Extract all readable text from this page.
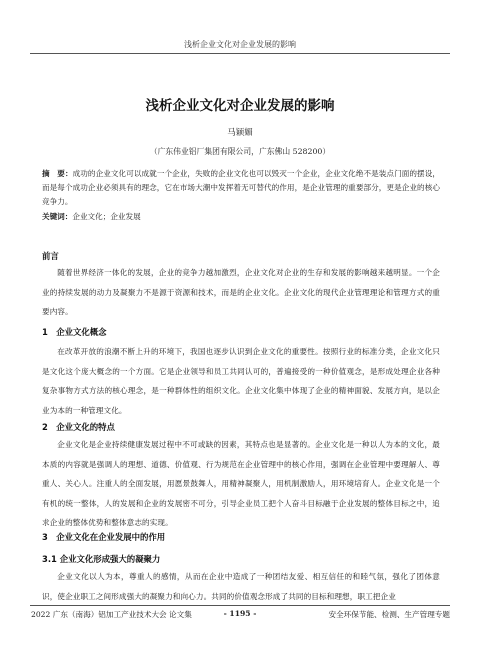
浅析企业文化对企业发展的影响
浅析企业文化对企业发展的影响
马颖媚
（广东伟业铝厂集团有限公司，广东佛山 528200）
摘　要：成功的企业文化可以成就一个企业，失败的企业文化也可以毁灭一个企业，企业文化绝不是装点门面的摆设，而是每个成功企业必须具有的理念，它在市场大潮中发挥着无可替代的作用，是企业管理的重要部分，更是企业的核心竞争力。
关键词：企业文化；企业发展
前言
随着世界经济一体化的发展，企业的竞争力越加激烈，企业文化对企业的生存和发展的影响越来越明显。一个企业的持续发展的动力及凝聚力不是源于资源和技术，而是的企业文化。企业文化的现代企业管理理论和管理方式的重要内容。
1　企业文化概念
在改革开放的浪潮不断上升的环境下，我国也逐步认识到企业文化的重要性。按照行业的标准分类，企业文化只是文化这个庞大概念的一个方面。它是企业领导和员工共同认可的，普遍接受的一种价值观念，是形成处理企业各种复杂事物方式方法的核心理念，是一种群体性的组织文化。企业文化集中体现了企业的精神面貌、发展方向，是以企业为本的一种管理文化。
2　企业文化的特点
企业文化是企业持续健康发展过程中不可或缺的因素，其特点也是显著的。企业文化是一种以人为本的文化，最本质的内容就是强调人的理想、道德、价值观、行为规范在企业管理中的核心作用，强调在企业管理中要理解人、尊重人、关心人。注重人的全面发展，用愿景鼓舞人，用精神凝聚人，用机制激励人，用环境培育人。企业文化是一个有机的统一整体，人的发展和企业的发展密不可分，引导企业员工把个人奋斗目标融于企业发展的整体目标之中，追求企业的整体优势和整体意志的实现。
3　企业文化在企业发展中的作用
3.1 企业文化形成强大的凝聚力
企业文化以人为本，尊重人的感情，从而在企业中造成了一种团结友爱、相互信任的和睦气氛，强化了团体意识，使企业职工之间形成强大的凝聚力和向心力。共同的价值观念形成了共同的目标和理想，职工把企业
2022 广东（南海）铝加工产业技术大会 论文集	- 1195 -	安全环保节能、检测、生产管理专题
